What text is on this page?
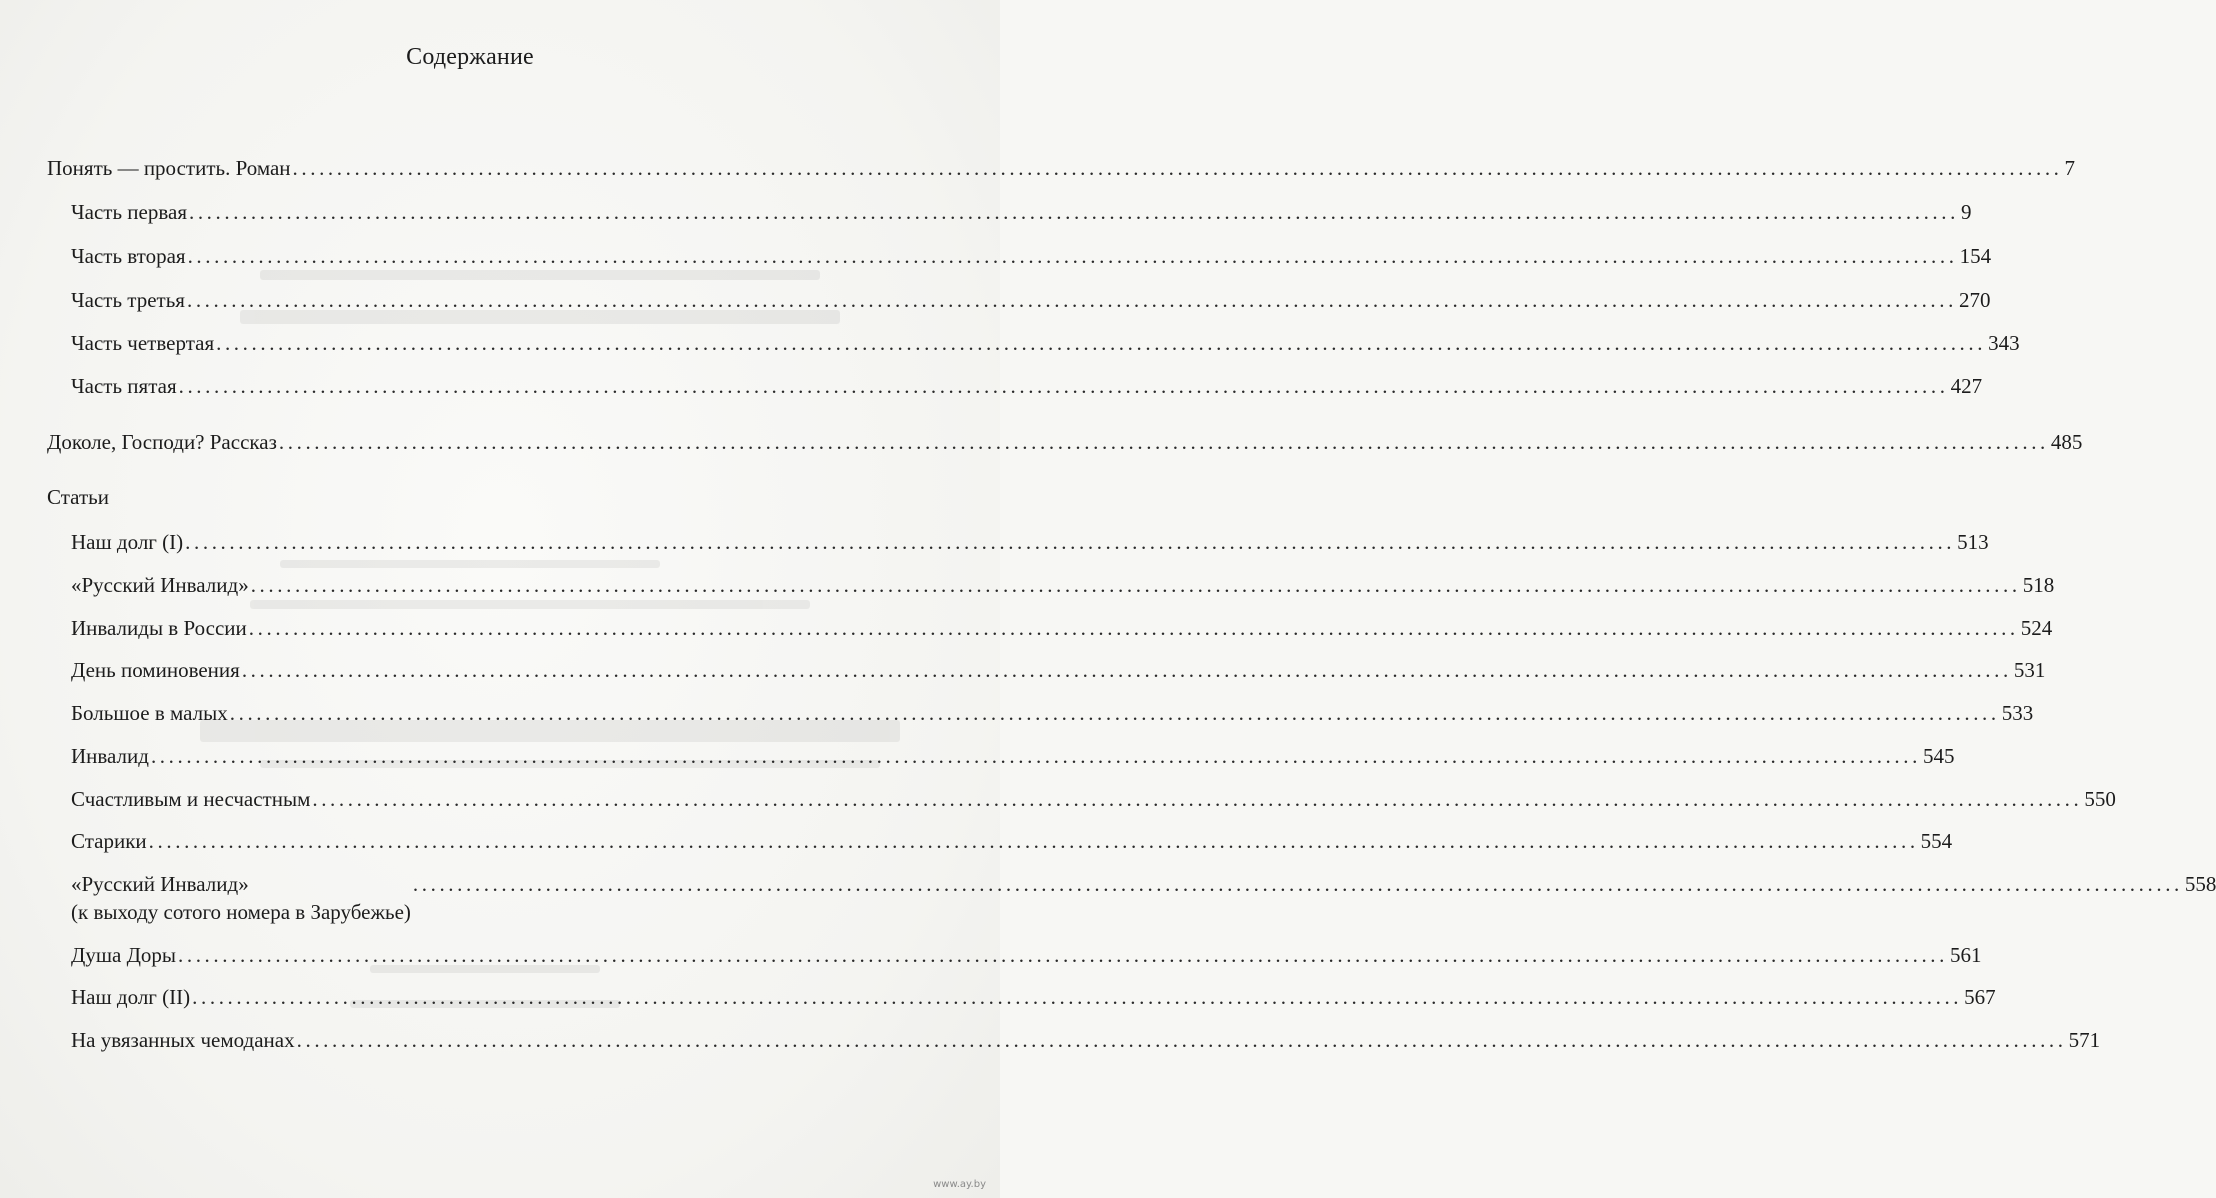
Содержание
Понять — простить. Роман ........................................................................................................................................................................................................ 7
Часть первая ........................................................................................................................................................................................................ 9
Часть вторая ........................................................................................................................................................................................................ 154
Часть третья ........................................................................................................................................................................................................ 270
Часть четвертая ........................................................................................................................................................................................................ 343
Часть пятая ........................................................................................................................................................................................................ 427
Доколе, Господи? Рассказ ........................................................................................................................................................................................................ 485
Статьи
Наш долг (I) ........................................................................................................................................................................................................ 513
«Русский Инвалид» ........................................................................................................................................................................................................ 518
Инвалиды в России ........................................................................................................................................................................................................ 524
День поминовения ........................................................................................................................................................................................................ 531
Большое в малых ........................................................................................................................................................................................................ 533
Инвалид ........................................................................................................................................................................................................ 545
Счастливым и несчастным ........................................................................................................................................................................................................ 550
Старики ........................................................................................................................................................................................................ 554
«Русский Инвалид»
(к выходу сотого номера в Зарубежье)
........................................................................................................................................................................................................ 558
Душа Доры ........................................................................................................................................................................................................ 561
Наш долг (II) ........................................................................................................................................................................................................ 567
На увязанных чемоданах ........................................................................................................................................................................................................ 571
www.ay.by
